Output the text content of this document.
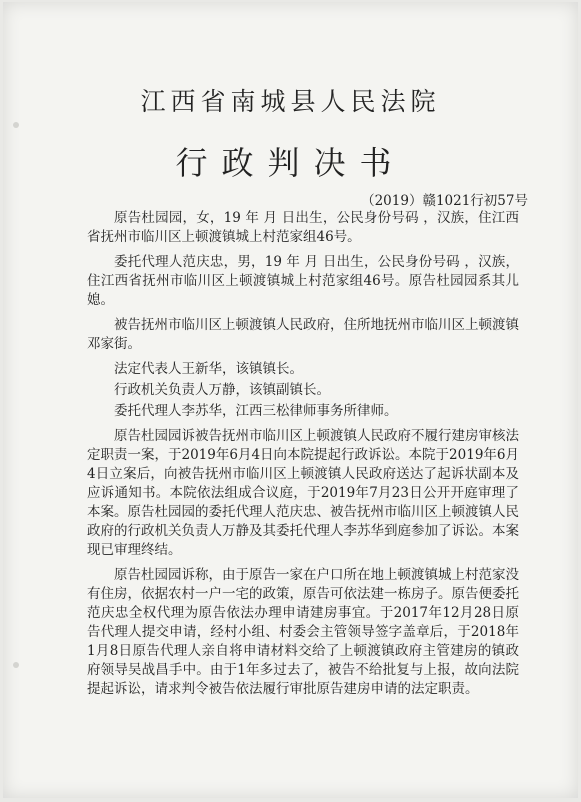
江西省南城县人民法院
行政判决书
（2019）赣1021行初57号

原告杜园园，女，19 年 月 日出生，公民身份号码 ，汉族，住江西省抚州市临川区上顿渡镇城上村范家组46号。

委托代理人范庆忠，男，19 年 月 日出生，公民身份号码 ，汉族，住江西省抚州市临川区上顿渡镇城上村范家组46号。原告杜园园系其儿媳。

被告抚州市临川区上顿渡镇人民政府，住所地抚州市临川区上顿渡镇邓家街。

法定代表人王新华，该镇镇长。

行政机关负责人万静，该镇副镇长。

委托代理人李苏华，江西三松律师事务所律师。

原告杜园园诉被告抚州市临川区上顿渡镇人民政府不履行建房审核法定职责一案，于2019年6月4日向本院提起行政诉讼。本院于2019年6月4日立案后，向被告抚州市临川区上顿渡镇人民政府送达了起诉状副本及应诉通知书。本院依法组成合议庭，于2019年7月23日公开开庭审理了本案。原告杜园园的委托代理人范庆忠、被告抚州市临川区上顿渡镇人民政府的行政机关负责人万静及其委托代理人李苏华到庭参加了诉讼。本案现已审理终结。

原告杜园园诉称，由于原告一家在户口所在地上顿渡镇城上村范家没有住房，依据农村一户一宅的政策，原告可依法建一栋房子。原告便委托范庆忠全权代理为原告依法办理申请建房事宜。于2017年12月28日原告代理人提交申请，经村小组、村委会主管领导签字盖章后，于2018年1月8日原告代理人亲自将申请材料交给了上顿渡镇政府主管建房的镇政府领导吴战昌手中。由于1年多过去了，被告不给批复与上报，故向法院提起诉讼，请求判令被告依法履行审批原告建房申请的法定职责。
